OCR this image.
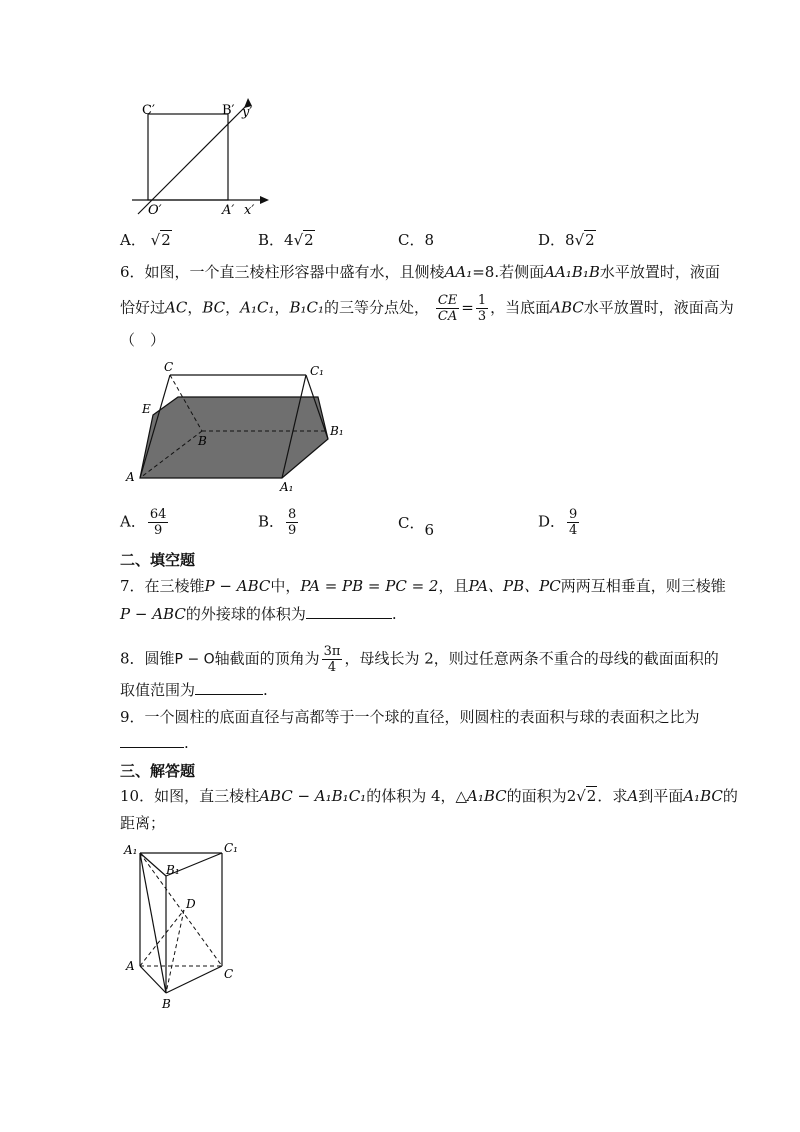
C′	B′ y′
O′	A′ x′
A． √2	B．4√2	C．8	D．8√2
6．如图，一个直三棱柱形容器中盛有水，且侧棱AA₁=8.若侧面AA₁B₁B水平放置时，液面
恰好过AC，BC，A₁C₁，B₁C₁的三等分点处， $\frac{CE}{CA} = \frac{1}{3}$ ，当底面ABC水平放置时，液面高为
（　）
C	C₁
E
B
B₁
A
A₁
A． $\frac{64}{9}$	B． $\frac{8}{9}$	C．6	D． $\frac{9}{4}$
二、填空题
7．在三棱锥P − ABC中，PA = PB = PC = 2，且PA、PB、PC两两互相垂直，则三棱锥
P − ABC的外接球的体积为	.
8．圆锥P − O轴截面的顶角为 $\frac{3\pi}{4}$ ，母线长为 2，则过任意两条不重合的母线的截面面积的
取值范围为	.
9．一个圆柱的底面直径与高都等于一个球的直径，则圆柱的表面积与球的表面积之比为
.
三、解答题
10．如图，直三棱柱ABC − A₁B₁C₁的体积为 4，△A₁BC的面积为2√2．求A到平面A₁BC的
距离；
A₁	C₁
B₁
D
A
C
B
